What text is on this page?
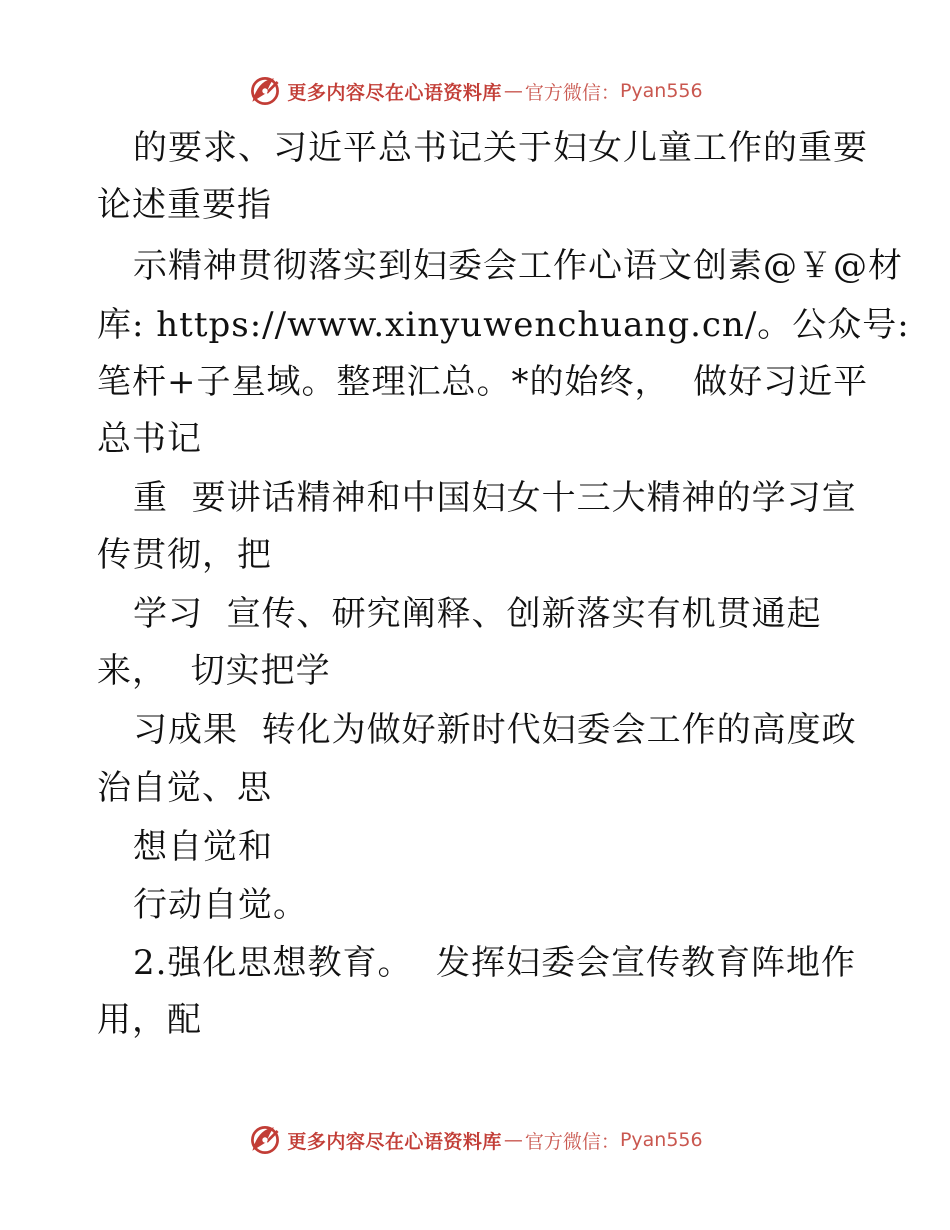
更多内容尽在心语资料库 — 官方微信： Pyan556
的要求、习近平总书记关于妇女儿童工作的重要
论述重要指
示精神贯彻落实到妇委会工作心语文创素@￥@材
库: https://www.xinyuwenchuang.cn/。公众号:
笔杆+子星域。整理汇总。*的始终，  做好习近平
总书记
重  要讲话精神和中国妇女十三大精神的学习宣
传贯彻，把
学习  宣传、研究阐释、创新落实有机贯通起
来，  切实把学
习成果  转化为做好新时代妇委会工作的高度政
治自觉、思
想自觉和
行动自觉。
2.强化思想教育。  发挥妇委会宣传教育阵地作
用，配
更多内容尽在心语资料库 — 官方微信： Pyan556
